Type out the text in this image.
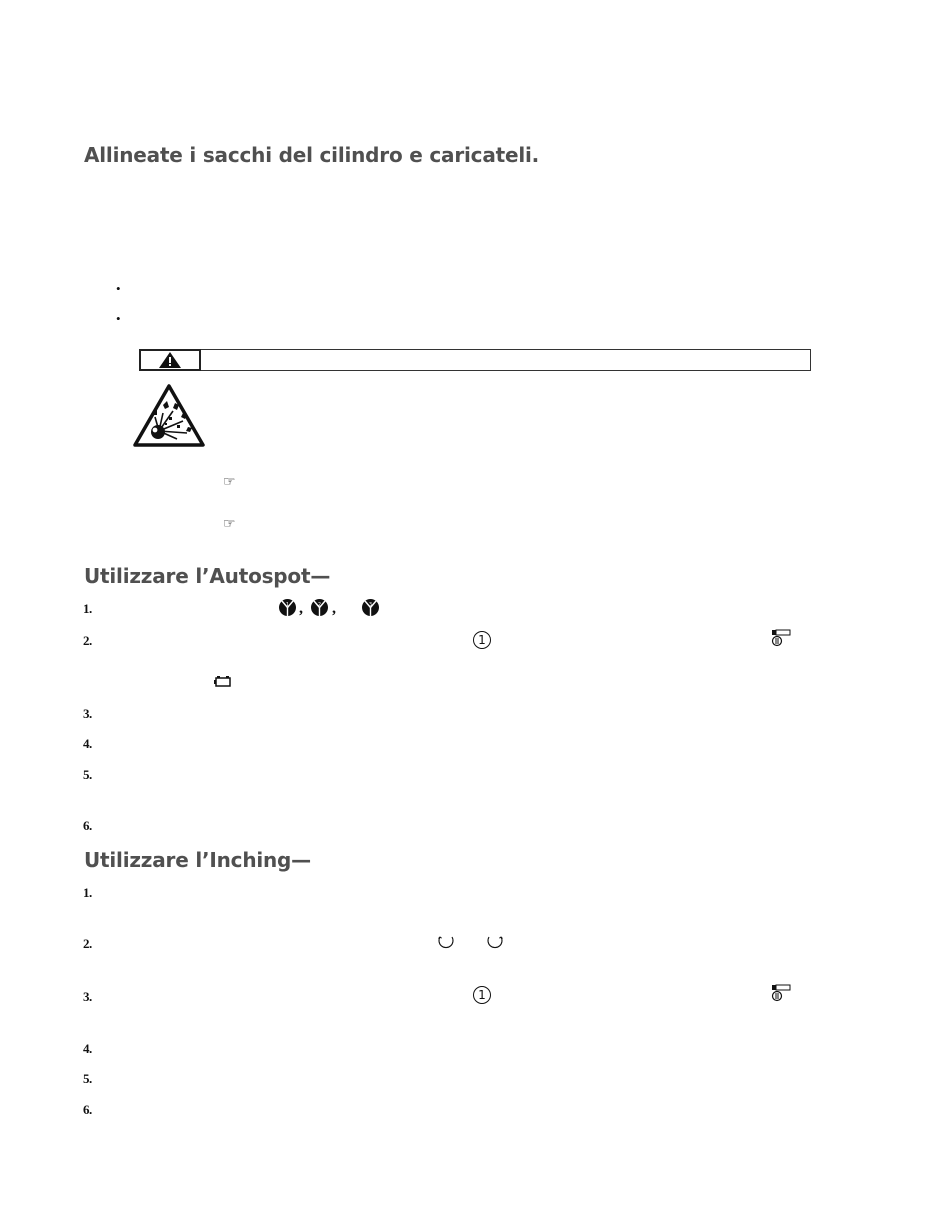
Allineate i sacchi del cilindro e caricateli.
•
•
☞
☞
Utilizzare l’Autospot—
1.
2.
3.
4.
5.
6.
1 ,	2 ,	3
1
Utilizzare l’Inching—
1.
2.
3.
4.
5.
6.
1
